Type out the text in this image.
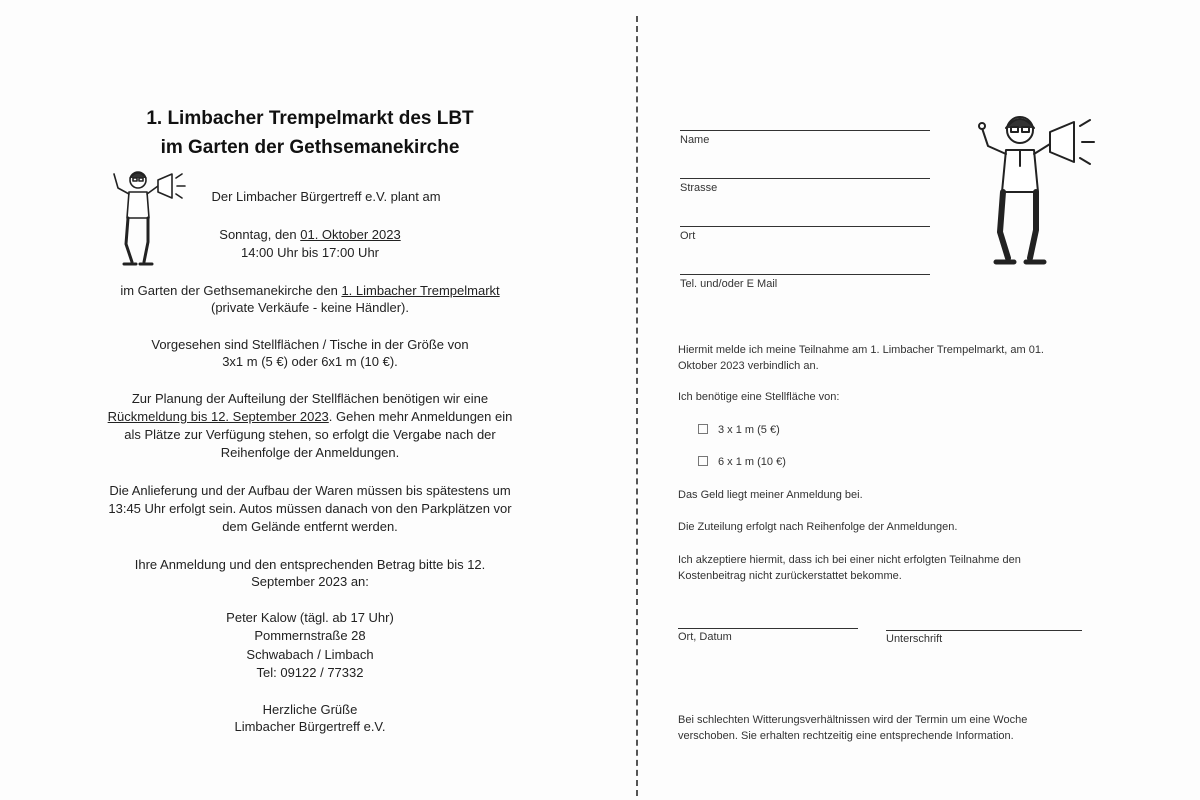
1. Limbacher Trempelmarkt des LBT
im Garten der Gethsemanekirche
Der Limbacher Bürgertreff e.V. plant am
Sonntag, den 01. Oktober 2023
14:00 Uhr bis 17:00 Uhr
im Garten der Gethsemanekirche den 1. Limbacher Trempelmarkt
(private Verkäufe - keine Händler).
Vorgesehen sind Stellflächen / Tische in der Größe von
3x1 m (5 €) oder 6x1 m (10 €).
Zur Planung der Aufteilung der Stellflächen benötigen wir eine
Rückmeldung bis 12. September 2023. Gehen mehr Anmeldungen ein
als Plätze zur Verfügung stehen, so erfolgt die Vergabe nach der
Reihenfolge der Anmeldungen.
Die Anlieferung und der Aufbau der Waren müssen bis spätestens um
13:45 Uhr erfolgt sein. Autos müssen danach von den Parkplätzen vor
dem Gelände entfernt werden.
Ihre Anmeldung und den entsprechenden Betrag bitte bis 12.
September 2023 an:
Peter Kalow (tägl. ab 17 Uhr)
Pommernstraße 28
Schwabach / Limbach
Tel: 09122 / 77332
Herzliche Grüße
Limbacher Bürgertreff e.V.
Name
Strasse
Ort
Tel. und/oder E Mail
Hiermit melde ich meine Teilnahme am 1. Limbacher Trempelmarkt, am 01.
Oktober 2023 verbindlich an.
Ich benötige eine Stellfläche von:
3 x 1 m (5 €)
6 x 1 m (10 €)
Das Geld liegt meiner Anmeldung bei.
Die Zuteilung erfolgt nach Reihenfolge der Anmeldungen.
Ich akzeptiere hiermit, dass ich bei einer nicht erfolgten Teilnahme den
Kostenbeitrag nicht zurückerstattet bekomme.
Ort, Datum	Unterschrift
Bei schlechten Witterungsverhältnissen wird der Termin um eine Woche
verschoben. Sie erhalten rechtzeitig eine entsprechende Information.
